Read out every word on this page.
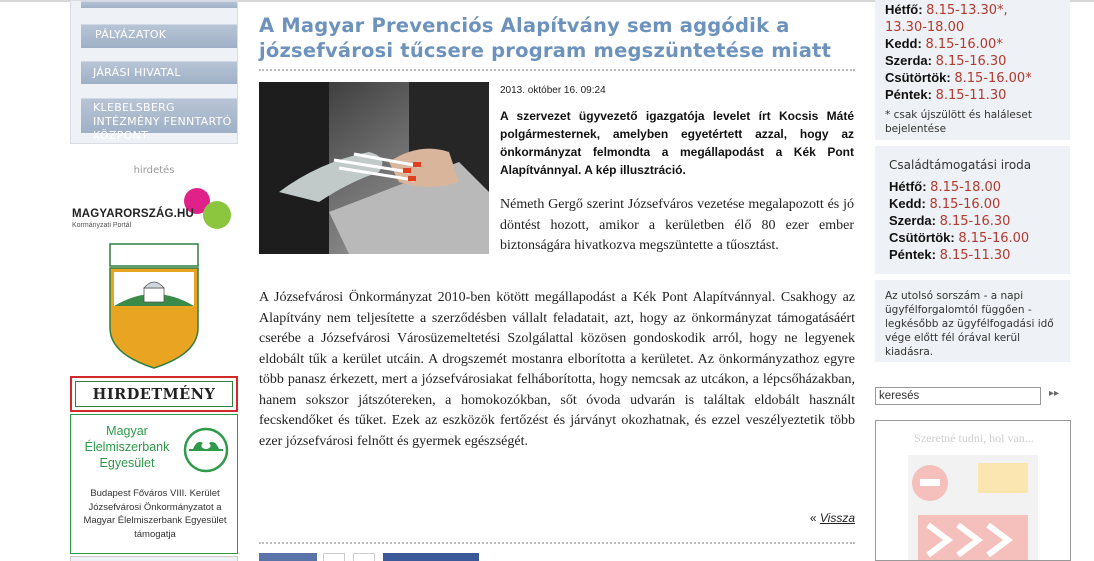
PÁLYÁZATOK
JÁRÁSI HIVATAL
KLEBELSBERG INTÉZMÉNY FENNTARTÓ KÖZPONT
hirdetés
MAGYARORSZÁG.HU
Kormányzati Portál
HIRDETMÉNY
Magyar Élelmiszerbank Egyesület
Budapest Főváros VIII. Kerület Józsefvárosi Önkormányzatot a Magyar Élelmiszerbank Egyesület támogatja
A Magyar Prevenciós Alapítvány sem aggódik a józsefvárosi tűcsere program megszüntetése miatt
2013. október 16. 09:24

A szervezet ügyvezető igazgatója levelet írt Kocsis Máté polgármesternek, amelyben egyetértett azzal, hogy az önkormányzat felmondta a megállapodást a Kék Pont Alapítvánnyal. A kép illusztráció.

Németh Gergő szerint Józsefváros vezetése megalapozott és jó döntést hozott, amikor a kerületben élő 80 ezer ember biztonságára hivatkozva megszüntette a tűosztást.

A Józsefvárosi Önkormányzat 2010-ben kötött megállapodást a Kék Pont Alapítvánnyal. Csakhogy az Alapítvány nem teljesítette a szerződésben vállalt feladatait, azt, hogy az önkormányzat támogatásáért cserébe a Józsefvárosi Városüzemeltetési Szolgálattal közösen gondoskodik arról, hogy ne legyenek eldobált tűk a kerület utcáin. A drogszemét mostanra elborította a kerületet. Az önkormányzathoz egyre több panasz érkezett, mert a józsefvárosiakat felháborította, hogy nemcsak az utcákon, a lépcsőházakban, hanem sokszor játszótereken, a homokozókban, sőt óvoda udvarán is találtak eldobált használt fecskendőket és tűket. Ezek az eszközök fertőzést és járványt okozhatnak, és ezzel veszélyeztetik több ezer józsefvárosi felnőtt és gyermek egészségét.

« Vissza
Hétfő: 8.15-13.30*,
13.30-18.00
Kedd: 8.15-16.00*
Szerda: 8.15-16.30
Csütörtök: 8.15-16.00*
Péntek: 8.15-11.30
* csak újszülött és haláleset bejelentése
Családtámogatási iroda
Hétfő: 8.15-18.00
Kedd: 8.15-16.00
Szerda: 8.15-16.30
Csütörtök: 8.15-16.00
Péntek: 8.15-11.30
Az utolsó sorszám - a napi ügyfélforgalomtól függően - legkésőbb az ügyfélfogadási idő vége előtt fél órával kerül kiadásra.
keresés
▸▸
Szeretné tudni, hol van...
